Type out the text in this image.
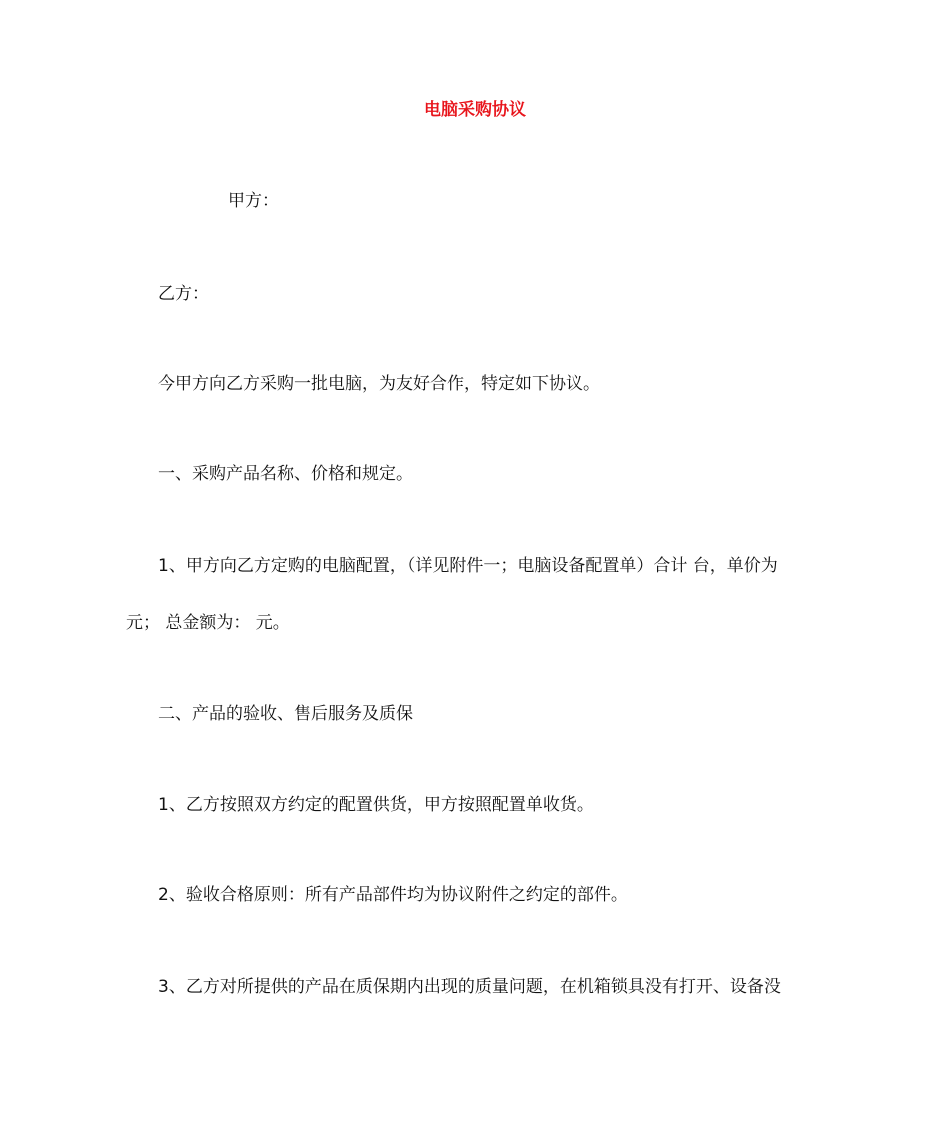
电脑采购协议
甲方：
乙方：
今甲方向乙方采购一批电脑，为友好合作，特定如下协议。
一、采购产品名称、价格和规定。
1、甲方向乙方定购的电脑配置，（详见附件一；电脑设备配置单）合计 台，单价为
元； 总金额为： 元。
二、产品的验收、售后服务及质保
1、乙方按照双方约定的配置供货，甲方按照配置单收货。
2、验收合格原则：所有产品部件均为协议附件之约定的部件。
3、乙方对所提供的产品在质保期内出现的质量问题，在机箱锁具没有打开、设备没
